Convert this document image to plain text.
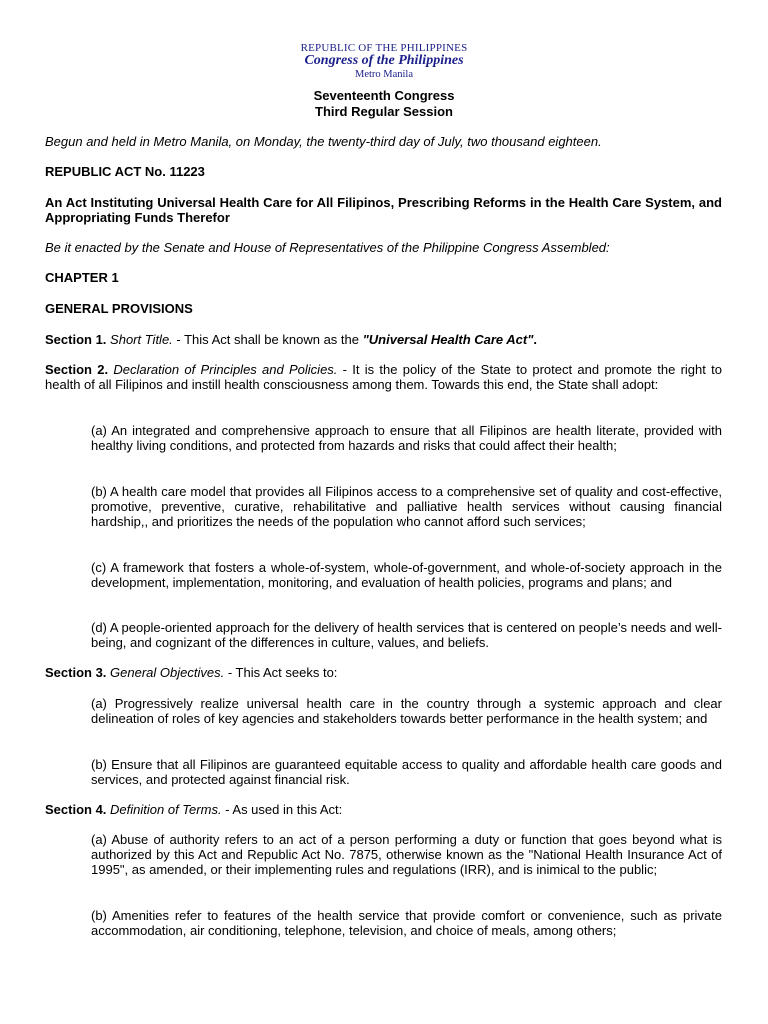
REPUBLIC OF THE PHILIPPINES
Congress of the Philippines
Metro Manila
Seventeenth Congress
Third Regular Session

Begun and held in Metro Manila, on Monday, the twenty-third day of July, two thousand eighteen.

REPUBLIC ACT No. 11223

An Act Instituting Universal Health Care for All Filipinos, Prescribing Reforms in the Health Care System, and Appropriating Funds Therefor

Be it enacted by the Senate and House of Representatives of the Philippine Congress Assembled:

CHAPTER 1

GENERAL PROVISIONS

Section 1. Short Title. - This Act shall be known as the "Universal Health Care Act".

Section 2. Declaration of Principles and Policies. - It is the policy of the State to protect and promote the right to health of all Filipinos and instill health consciousness among them. Towards this end, the State shall adopt:

(a) An integrated and comprehensive approach to ensure that all Filipinos are health literate, provided with healthy living conditions, and protected from hazards and risks that could affect their health;

(b) A health care model that provides all Filipinos access to a comprehensive set of quality and cost-effective, promotive, preventive, curative, rehabilitative and palliative health services without causing financial hardship,, and prioritizes the needs of the population who cannot afford such services;

(c) A framework that fosters a whole-of-system, whole-of-government, and whole-of-society approach in the development, implementation, monitoring, and evaluation of health policies, programs and plans; and

(d) A people-oriented approach for the delivery of health services that is centered on people’s needs and well-being, and cognizant of the differences in culture, values, and beliefs.

Section 3. General Objectives. - This Act seeks to:

(a) Progressively realize universal health care in the country through a systemic approach and clear delineation of roles of key agencies and stakeholders towards better performance in the health system; and

(b) Ensure that all Filipinos are guaranteed equitable access to quality and affordable health care goods and services, and protected against financial risk.

Section 4. Definition of Terms. - As used in this Act:

(a) Abuse of authority refers to an act of a person performing a duty or function that goes beyond what is authorized by this Act and Republic Act No. 7875, otherwise known as the "National Health Insurance Act of 1995", as amended, or their implementing rules and regulations (IRR), and is inimical to the public;

(b) Amenities refer to features of the health service that provide comfort or convenience, such as private accommodation, air conditioning, telephone, television, and choice of meals, among others;
